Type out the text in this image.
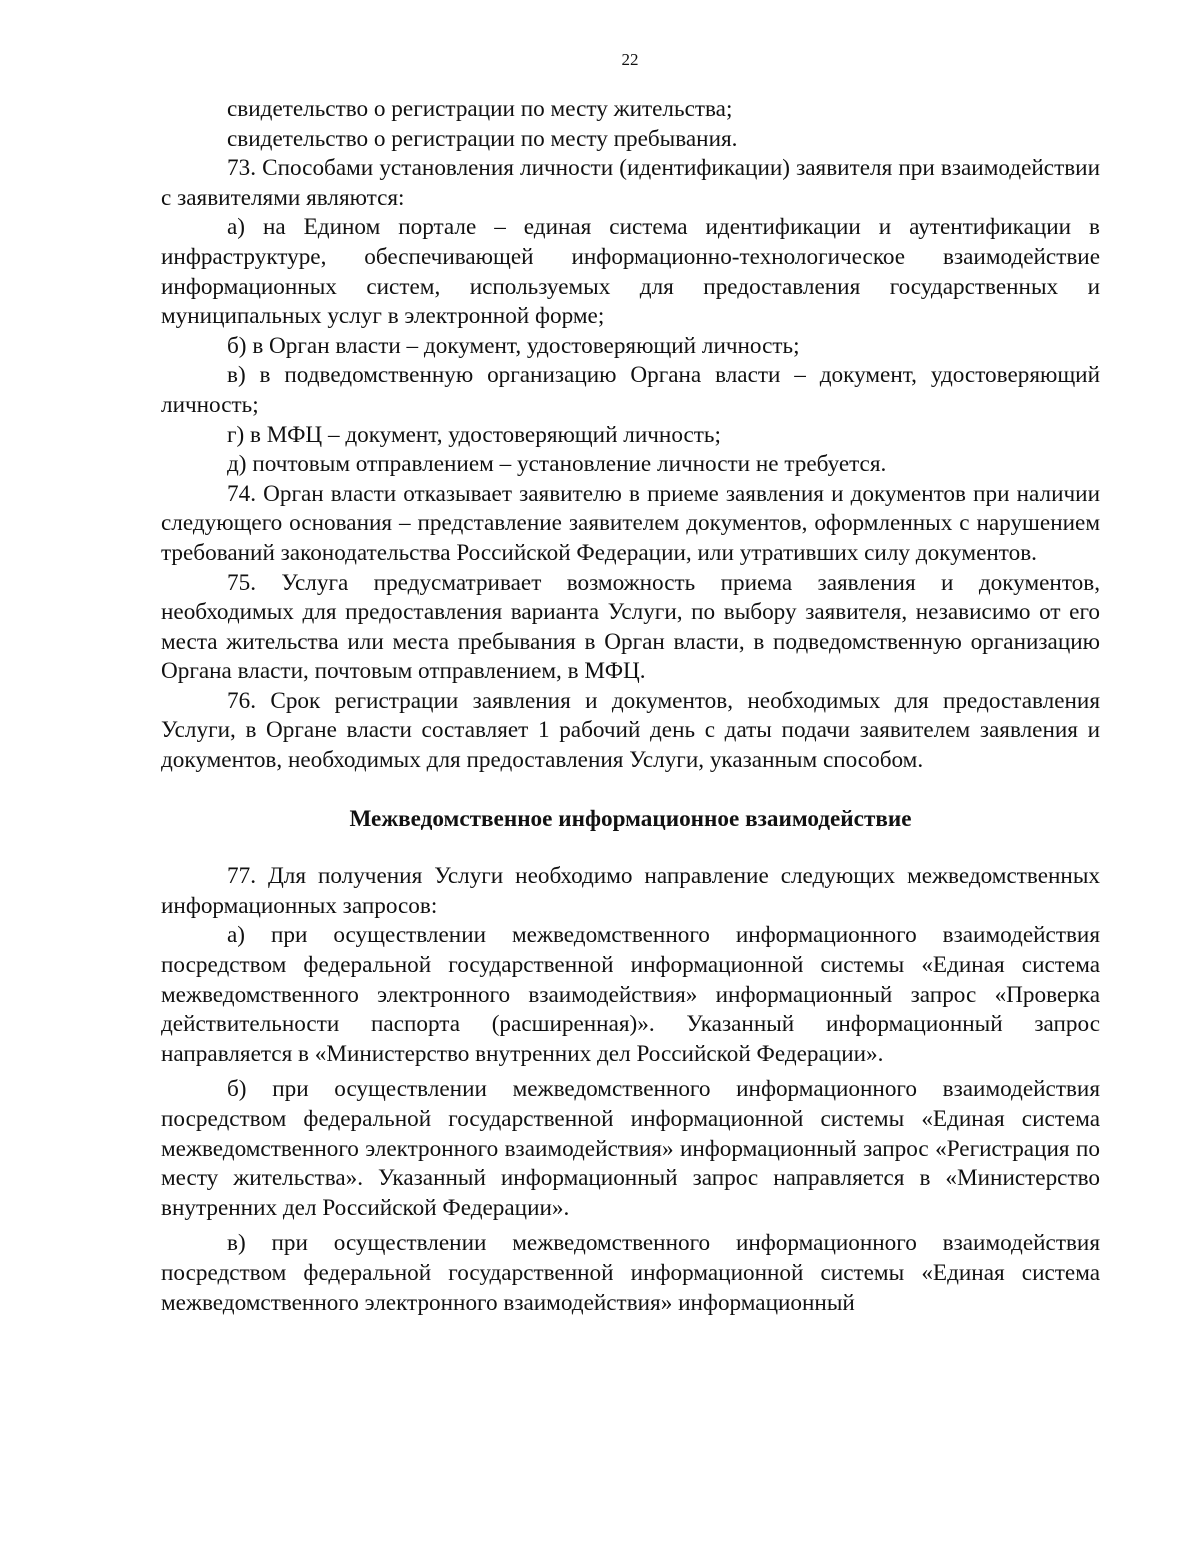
22

свидетельство о регистрации по месту жительства;

свидетельство о регистрации по месту пребывания.

73. Способами установления личности (идентификации) заявителя при взаимодействии с заявителями являются:

а) на Едином портале – единая система идентификации и аутентификации в инфраструктуре, обеспечивающей информационно-технологическое взаимодействие информационных систем, используемых для предоставления государственных и муниципальных услуг в электронной форме;

б) в Орган власти – документ, удостоверяющий личность;

в) в подведомственную организацию Органа власти – документ, удостоверяющий личность;

г) в МФЦ – документ, удостоверяющий личность;

д) почтовым отправлением – установление личности не требуется.

74. Орган власти отказывает заявителю в приеме заявления и документов при наличии следующего основания – представление заявителем документов, оформленных с нарушением требований законодательства Российской Федерации, или утративших силу документов.

75. Услуга предусматривает возможность приема заявления и документов, необходимых для предоставления варианта Услуги, по выбору заявителя, независимо от его места жительства или места пребывания в Орган власти, в подведомственную организацию Органа власти, почтовым отправлением, в МФЦ.

76. Срок регистрации заявления и документов, необходимых для предоставления Услуги, в Органе власти составляет 1 рабочий день с даты подачи заявителем заявления и документов, необходимых для предоставления Услуги, указанным способом.

Межведомственное информационное взаимодействие

77. Для получения Услуги необходимо направление следующих межведомственных информационных запросов:

а) при осуществлении межведомственного информационного взаимодействия посредством федеральной государственной информационной системы «Единая система межведомственного электронного взаимодействия» информационный запрос «Проверка действительности паспорта (расширенная)». Указанный информационный запрос направляется в «Министерство внутренних дел Российской Федерации».

б) при осуществлении межведомственного информационного взаимодействия посредством федеральной государственной информационной системы «Единая система межведомственного электронного взаимодействия» информационный запрос «Регистрация по месту жительства». Указанный информационный запрос направляется в «Министерство внутренних дел Российской Федерации».

в) при осуществлении межведомственного информационного взаимодействия посредством федеральной государственной информационной системы «Единая система межведомственного электронного взаимодействия» информационный
